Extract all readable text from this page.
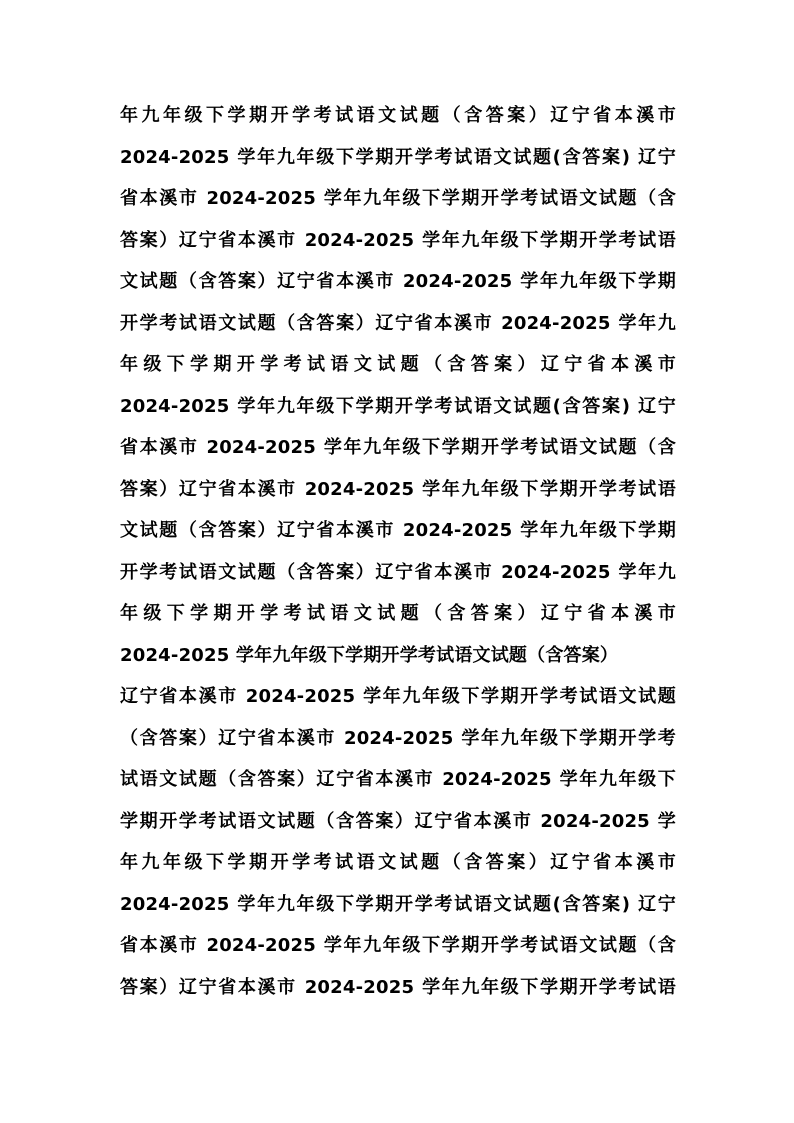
年九年级下学期开学考试语文试题（含答案）辽宁省本溪市
2024-2025 学年九年级下学期开学考试语文试题(含答案) 辽宁
省本溪市 2024-2025 学年九年级下学期开学考试语文试题（含
答案）辽宁省本溪市 2024-2025 学年九年级下学期开学考试语
文试题（含答案）辽宁省本溪市 2024-2025 学年九年级下学期
开学考试语文试题（含答案）辽宁省本溪市 2024-2025 学年九
年级下学期开学考试语文试题（含答案）辽宁省本溪市
2024-2025 学年九年级下学期开学考试语文试题(含答案) 辽宁
省本溪市 2024-2025 学年九年级下学期开学考试语文试题（含
答案）辽宁省本溪市 2024-2025 学年九年级下学期开学考试语
文试题（含答案）辽宁省本溪市 2024-2025 学年九年级下学期
开学考试语文试题（含答案）辽宁省本溪市 2024-2025 学年九
年级下学期开学考试语文试题（含答案）辽宁省本溪市
2024-2025 学年九年级下学期开学考试语文试题（含答案）
辽宁省本溪市 2024-2025 学年九年级下学期开学考试语文试题
（含答案）辽宁省本溪市 2024-2025 学年九年级下学期开学考
试语文试题（含答案）辽宁省本溪市 2024-2025 学年九年级下
学期开学考试语文试题（含答案）辽宁省本溪市 2024-2025 学
年九年级下学期开学考试语文试题（含答案）辽宁省本溪市
2024-2025 学年九年级下学期开学考试语文试题(含答案) 辽宁
省本溪市 2024-2025 学年九年级下学期开学考试语文试题（含
答案）辽宁省本溪市 2024-2025 学年九年级下学期开学考试语
